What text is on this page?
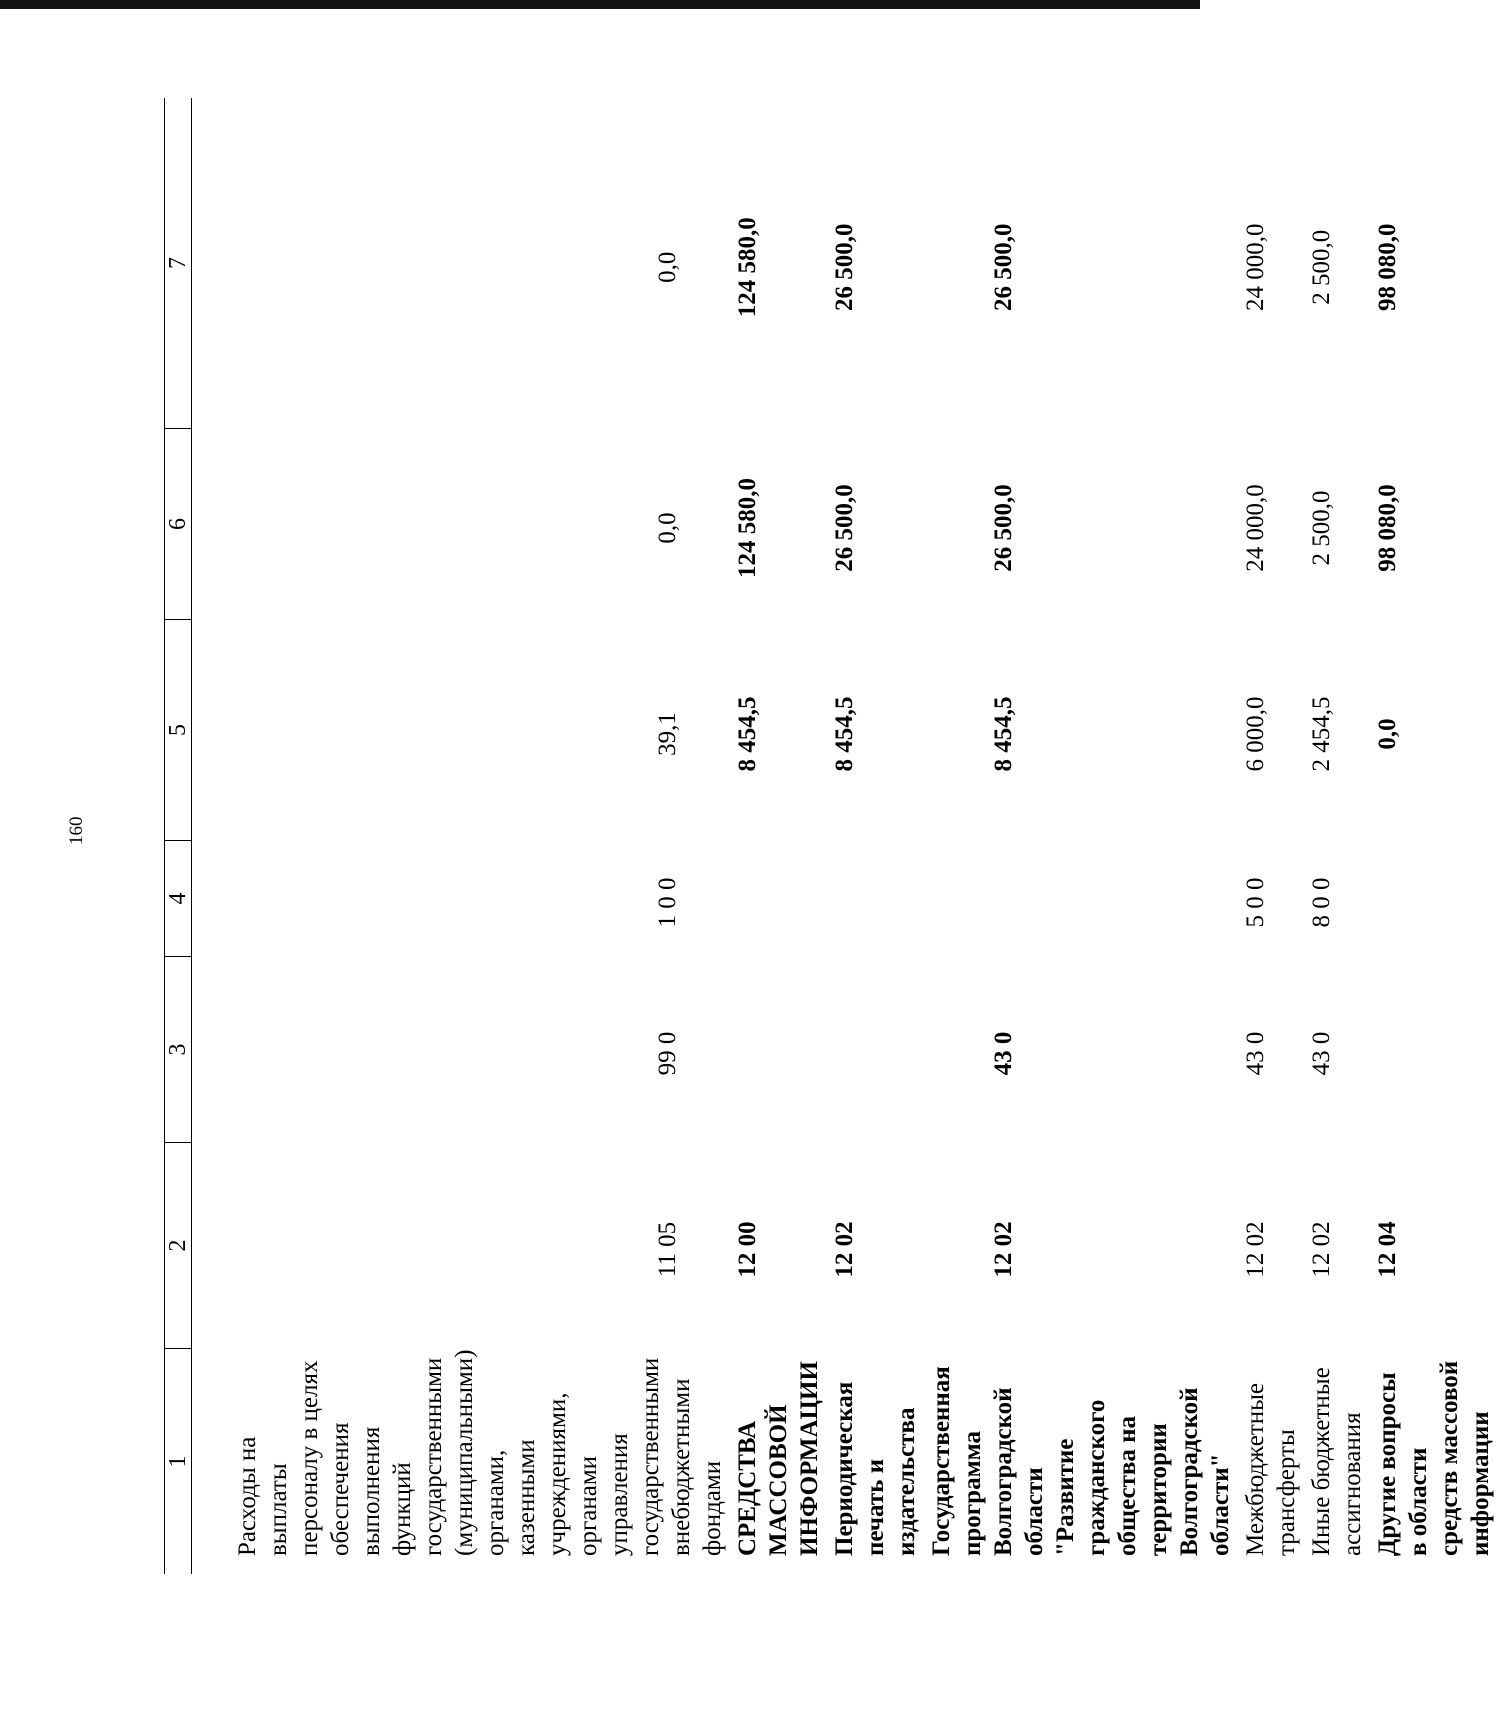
160
1	2	3	4	5	6	7
Расходы на выплаты персоналу в целях обеспечения выполнения функций государственными (муниципальными) органами, казенными учреждениями, органами управления государственными внебюджетными фондами	11 05	99 0	1 0 0	39,1	0,0	0,0
СРЕДСТВА МАССОВОЙ ИНФОРМАЦИИ	12 00			8 454,5	124 580,0	124 580,0
Периодическая печать и издательства	12 02			8 454,5	26 500,0	26 500,0
Государственная программа Волгоградской области "Развитие гражданского общества на территории Волгоградской области"	12 02	43 0		8 454,5	26 500,0	26 500,0
Межбюджетные трансферты	12 02	43 0	5 0 0	6 000,0	24 000,0	24 000,0
Иные бюджетные ассигнования	12 02	43 0	8 0 0	2 454,5	2 500,0	2 500,0
Другие вопросы в области средств массовой информации	12 04			0,0	98 080,0	98 080,0
